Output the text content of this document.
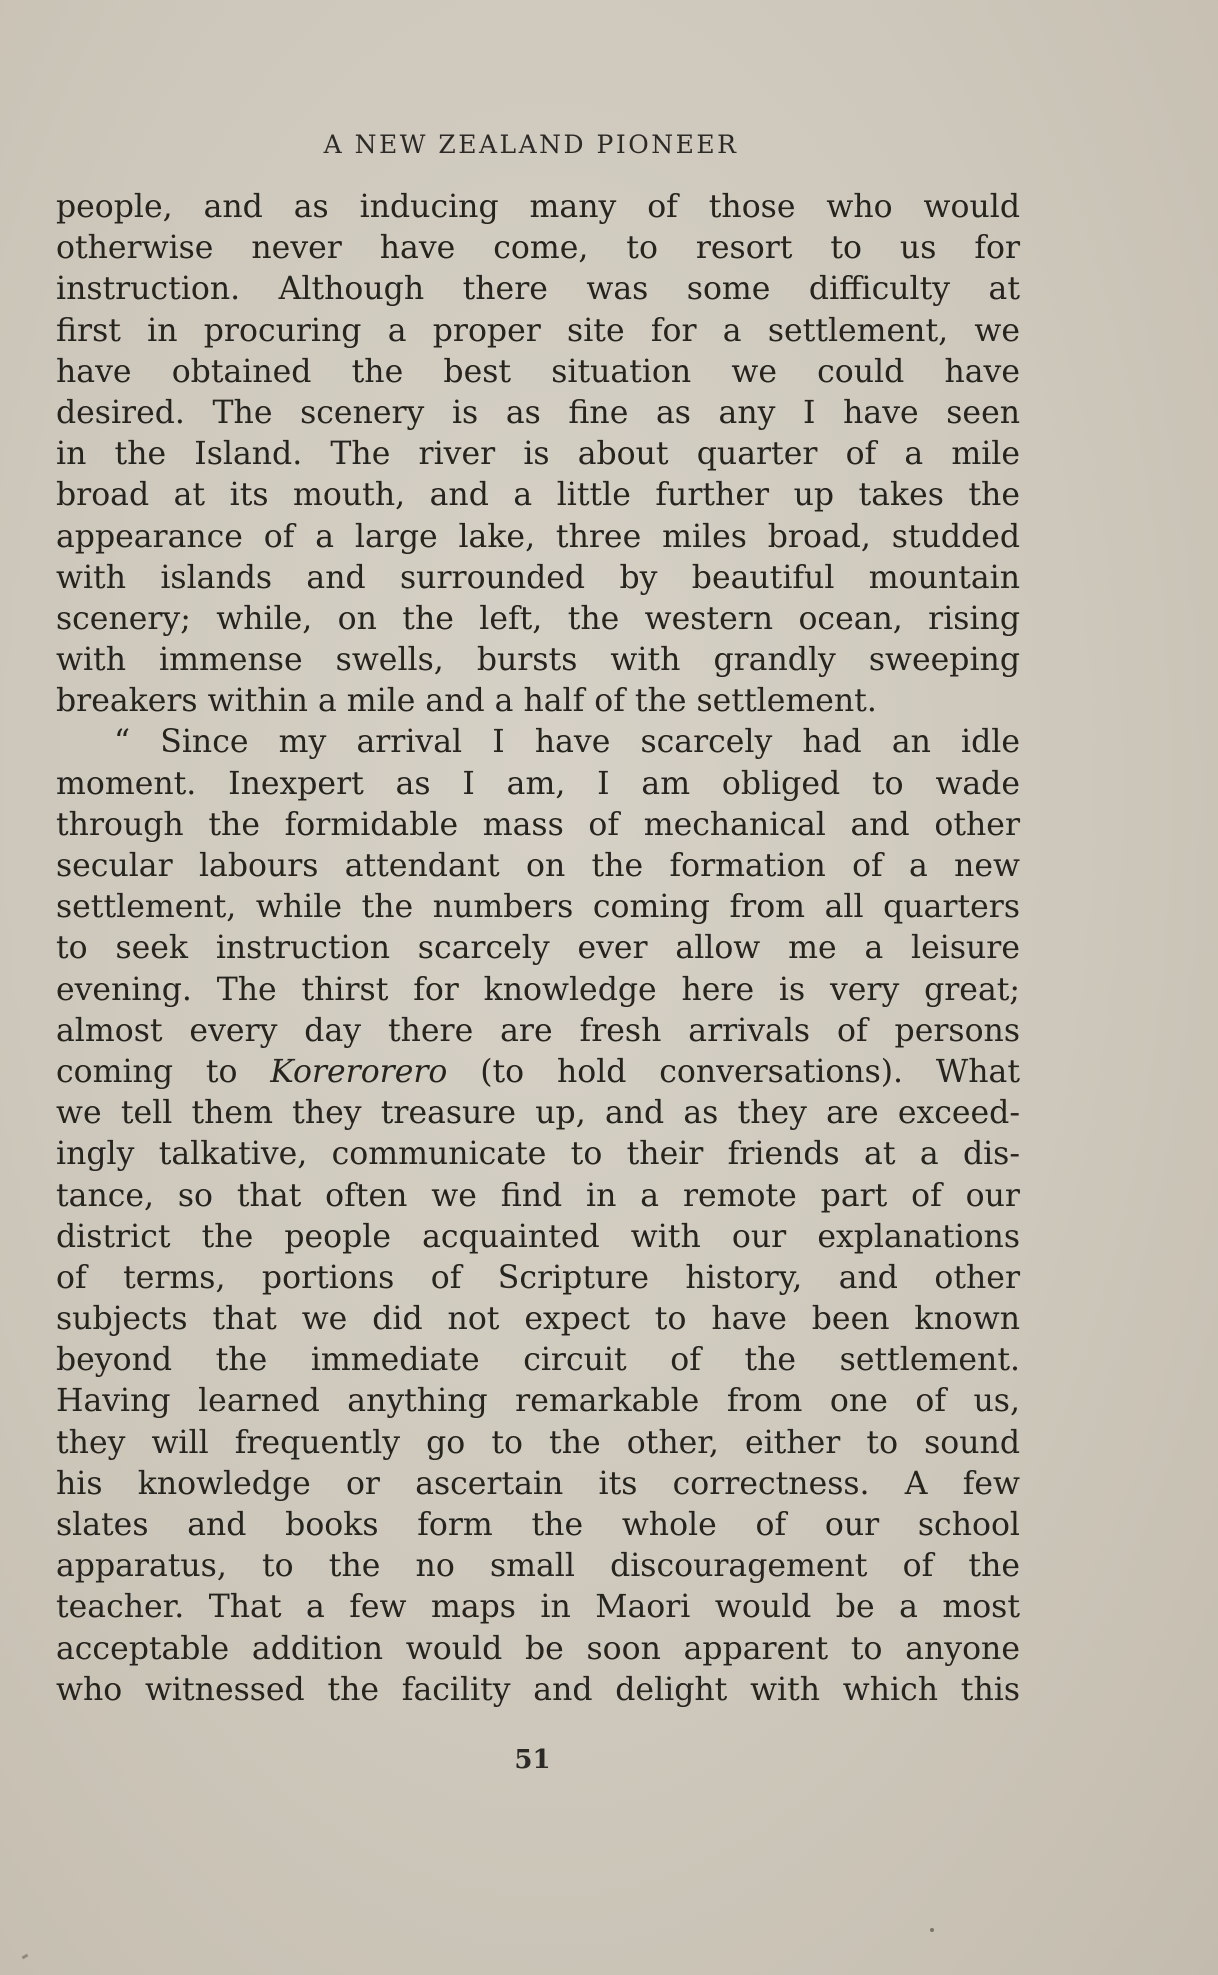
A NEW ZEALAND PIONEER
people, and as inducing many of those who would
otherwise never have come, to resort to us for
instruction. Although there was some difficulty at
first in procuring a proper site for a settlement, we
have obtained the best situation we could have
desired. The scenery is as fine as any I have seen
in the Island. The river is about quarter of a mile
broad at its mouth, and a little further up takes the
appearance of a large lake, three miles broad, studded
with islands and surrounded by beautiful mountain
scenery; while, on the left, the western ocean, rising
with immense swells, bursts with grandly sweeping
breakers within a mile and a half of the settlement.
“ Since my arrival I have scarcely had an idle
moment. Inexpert as I am, I am obliged to wade
through the formidable mass of mechanical and other
secular labours attendant on the formation of a new
settlement, while the numbers coming from all quarters
to seek instruction scarcely ever allow me a leisure
evening. The thirst for knowledge here is very great;
almost every day there are fresh arrivals of persons
coming to Korerorero (to hold conversations). What
we tell them they treasure up, and as they are exceed-
ingly talkative, communicate to their friends at a dis-
tance, so that often we find in a remote part of our
district the people acquainted with our explanations
of terms, portions of Scripture history, and other
subjects that we did not expect to have been known
beyond the immediate circuit of the settlement.
Having learned anything remarkable from one of us,
they will frequently go to the other, either to sound
his knowledge or ascertain its correctness. A few
slates and books form the whole of our school
apparatus, to the no small discouragement of the
teacher. That a few maps in Maori would be a most
acceptable addition would be soon apparent to anyone
who witnessed the facility and delight with which this
51
